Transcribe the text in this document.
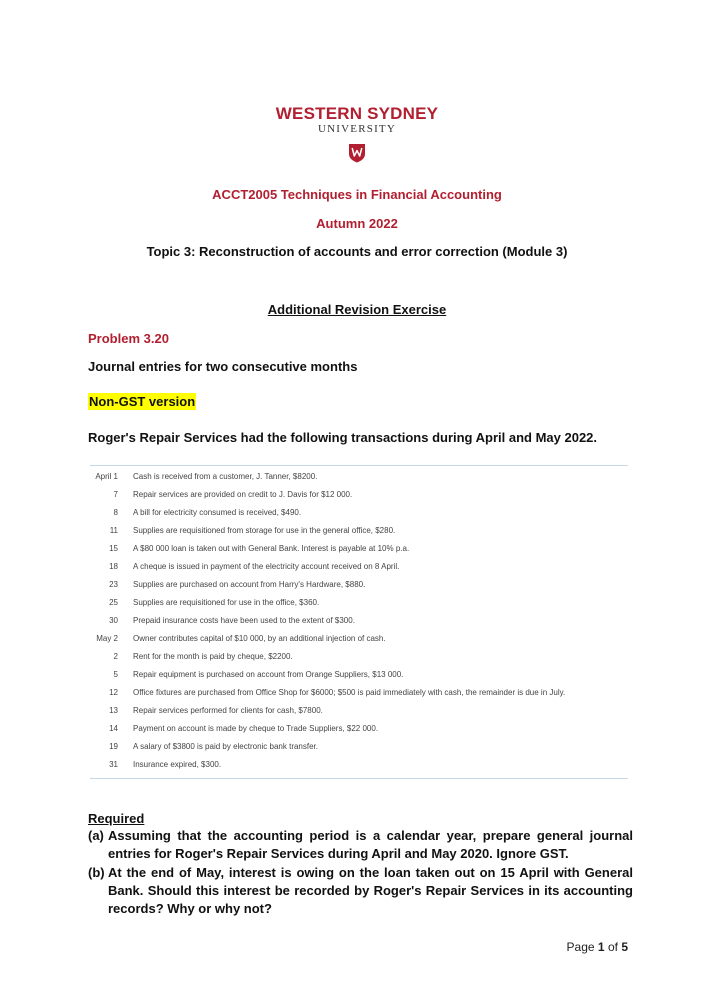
WESTERN SYDNEY
UNIVERSITY
ACCT2005 Techniques in Financial Accounting
Autumn 2022
Topic 3: Reconstruction of accounts and error correction (Module 3)
Additional Revision Exercise
Problem 3.20
Journal entries for two consecutive months
Non-GST version
Roger's Repair Services had the following transactions during April and May 2022.
April 1 Cash is received from a customer, J. Tanner, $8200.
7 Repair services are provided on credit to J. Davis for $12 000.
8 A bill for electricity consumed is received, $490.
11 Supplies are requisitioned from storage for use in the general office, $280.
15 A $80 000 loan is taken out with General Bank. Interest is payable at 10% p.a.
18 A cheque is issued in payment of the electricity account received on 8 April.
23 Supplies are purchased on account from Harry's Hardware, $880.
25 Supplies are requisitioned for use in the office, $360.
30 Prepaid insurance costs have been used to the extent of $300.
May 2 Owner contributes capital of $10 000, by an additional injection of cash.
2 Rent for the month is paid by cheque, $2200.
5 Repair equipment is purchased on account from Orange Suppliers, $13 000.
12 Office fixtures are purchased from Office Shop for $6000; $500 is paid immediately with cash, the remainder is due in July.
13 Repair services performed for clients for cash, $7800.
14 Payment on account is made by cheque to Trade Suppliers, $22 000.
19 A salary of $3800 is paid by electronic bank transfer.
31 Insurance expired, $300.
Required
(a) Assuming that the accounting period is a calendar year, prepare general journal entries for Roger's Repair Services during April and May 2020. Ignore GST.
(b) At the end of May, interest is owing on the loan taken out on 15 April with General Bank. Should this interest be recorded by Roger's Repair Services in its accounting records? Why or why not?
Page 1 of 5
